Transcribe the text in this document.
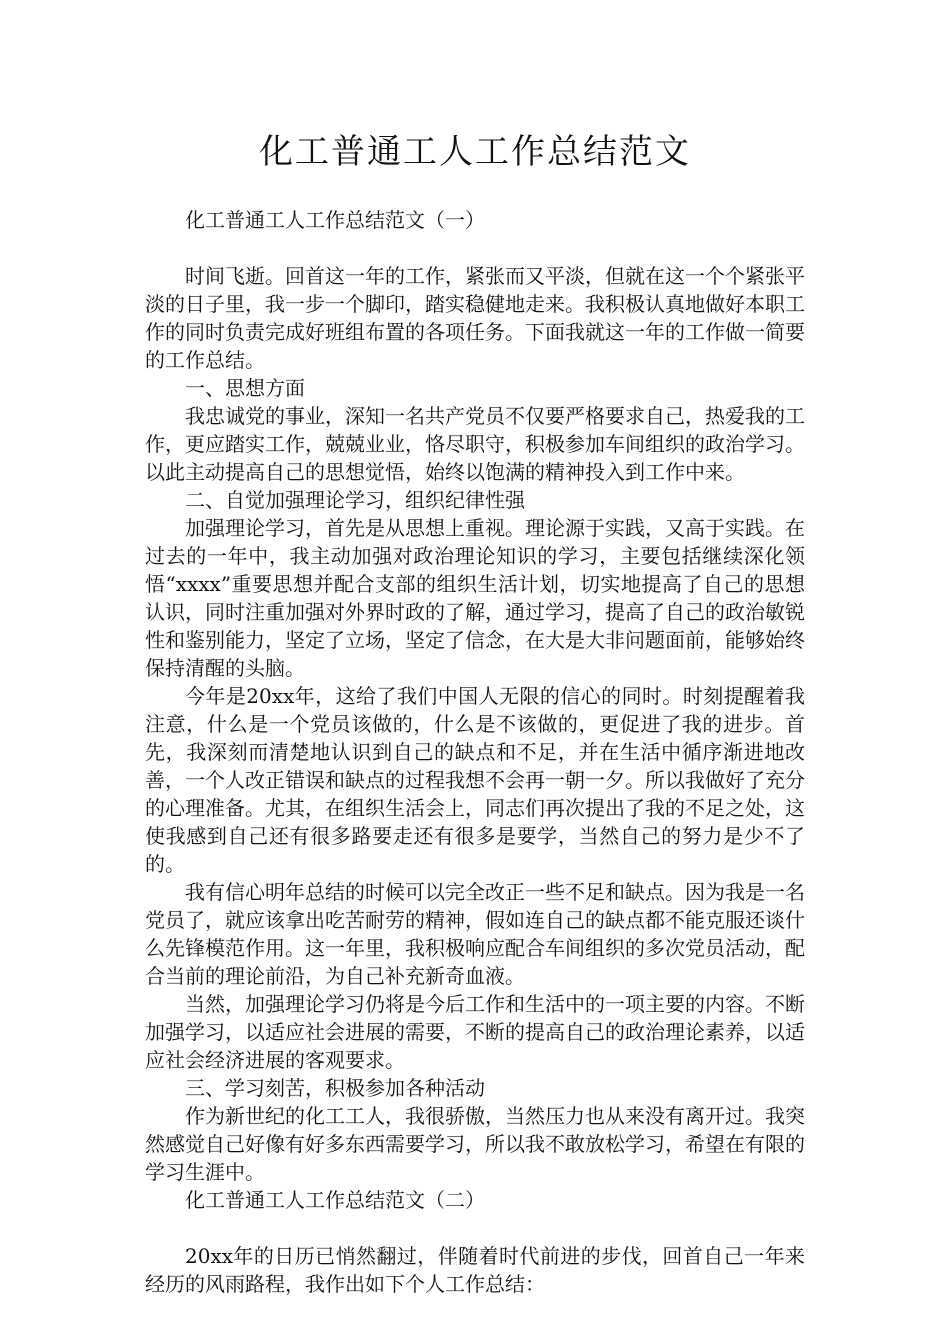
化工普通工人工作总结范文

化工普通工人工作总结范文（一）

时间飞逝。回首这一年的工作，紧张而又平淡，但就在这一个个紧张平淡的日子里，我一步一个脚印，踏实稳健地走来。我积极认真地做好本职工作的同时负责完成好班组布置的各项任务。下面我就这一年的工作做一简要的工作总结。

一、思想方面

我忠诚党的事业，深知一名共产党员不仅要严格要求自己，热爱我的工作，更应踏实工作，兢兢业业，恪尽职守，积极参加车间组织的政治学习。以此主动提高自己的思想觉悟，始终以饱满的精神投入到工作中来。

二、自觉加强理论学习，组织纪律性强

加强理论学习，首先是从思想上重视。理论源于实践，又高于实践。在过去的一年中，我主动加强对政治理论知识的学习，主要包括继续深化领悟“xxxx”重要思想并配合支部的组织生活计划，切实地提高了自己的思想认识，同时注重加强对外界时政的了解，通过学习，提高了自己的政治敏锐性和鉴别能力，坚定了立场，坚定了信念，在大是大非问题面前，能够始终保持清醒的头脑。

今年是20xx年，这给了我们中国人无限的信心的同时。时刻提醒着我注意，什么是一个党员该做的，什么是不该做的，更促进了我的进步。首先，我深刻而清楚地认识到自己的缺点和不足，并在生活中循序渐进地改善，一个人改正错误和缺点的过程我想不会再一朝一夕。所以我做好了充分的心理准备。尤其，在组织生活会上，同志们再次提出了我的不足之处，这使我感到自己还有很多路要走还有很多是要学，当然自己的努力是少不了的。

我有信心明年总结的时候可以完全改正一些不足和缺点。因为我是一名党员了，就应该拿出吃苦耐劳的精神，假如连自己的缺点都不能克服还谈什么先锋模范作用。这一年里，我积极响应配合车间组织的多次党员活动，配合当前的理论前沿，为自己补充新奇血液。

当然，加强理论学习仍将是今后工作和生活中的一项主要的内容。不断加强学习，以适应社会进展的需要，不断的提高自己的政治理论素养，以适应社会经济进展的客观要求。

三、学习刻苦，积极参加各种活动

作为新世纪的化工工人，我很骄傲，当然压力也从来没有离开过。我突然感觉自己好像有好多东西需要学习，所以我不敢放松学习，希望在有限的学习生涯中。

化工普通工人工作总结范文（二）

20xx年的日历已悄然翻过，伴随着时代前进的步伐，回首自己一年来经历的风雨路程，我作出如下个人工作总结：
